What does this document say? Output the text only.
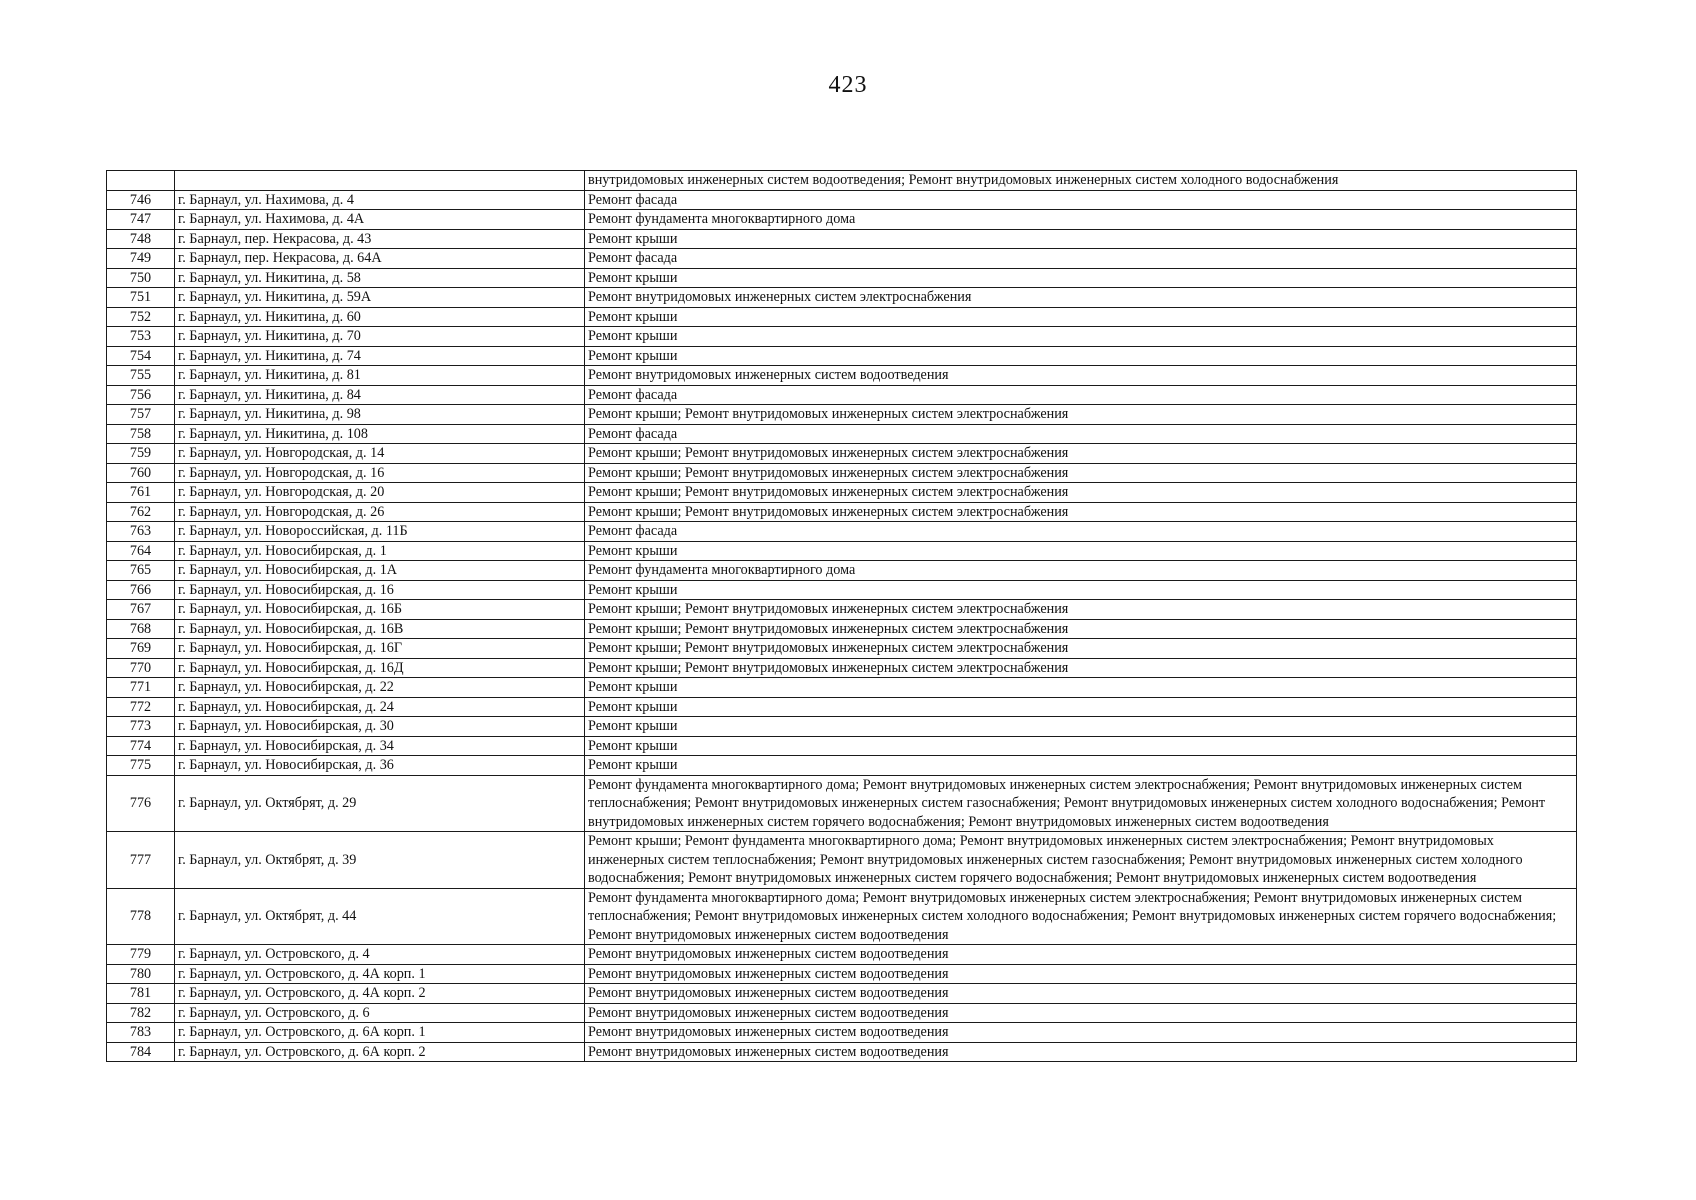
423
		внутридомовых инженерных систем водоотведения; Ремонт внутридомовых инженерных систем холодного водоснабжения
746	г. Барнаул, ул. Нахимова, д. 4	Ремонт фасада
747	г. Барнаул, ул. Нахимова, д. 4А	Ремонт фундамента многоквартирного дома
748	г. Барнаул, пер. Некрасова, д. 43	Ремонт крыши
749	г. Барнаул, пер. Некрасова, д. 64А	Ремонт фасада
750	г. Барнаул, ул. Никитина, д. 58	Ремонт крыши
751	г. Барнаул, ул. Никитина, д. 59А	Ремонт внутридомовых инженерных систем электроснабжения
752	г. Барнаул, ул. Никитина, д. 60	Ремонт крыши
753	г. Барнаул, ул. Никитина, д. 70	Ремонт крыши
754	г. Барнаул, ул. Никитина, д. 74	Ремонт крыши
755	г. Барнаул, ул. Никитина, д. 81	Ремонт внутридомовых инженерных систем водоотведения
756	г. Барнаул, ул. Никитина, д. 84	Ремонт фасада
757	г. Барнаул, ул. Никитина, д. 98	Ремонт крыши; Ремонт внутридомовых инженерных систем электроснабжения
758	г. Барнаул, ул. Никитина, д. 108	Ремонт фасада
759	г. Барнаул, ул. Новгородская, д. 14	Ремонт крыши; Ремонт внутридомовых инженерных систем электроснабжения
760	г. Барнаул, ул. Новгородская, д. 16	Ремонт крыши; Ремонт внутридомовых инженерных систем электроснабжения
761	г. Барнаул, ул. Новгородская, д. 20	Ремонт крыши; Ремонт внутридомовых инженерных систем электроснабжения
762	г. Барнаул, ул. Новгородская, д. 26	Ремонт крыши; Ремонт внутридомовых инженерных систем электроснабжения
763	г. Барнаул, ул. Новороссийская, д. 11Б	Ремонт фасада
764	г. Барнаул, ул. Новосибирская, д. 1	Ремонт крыши
765	г. Барнаул, ул. Новосибирская, д. 1А	Ремонт фундамента многоквартирного дома
766	г. Барнаул, ул. Новосибирская, д. 16	Ремонт крыши
767	г. Барнаул, ул. Новосибирская, д. 16Б	Ремонт крыши; Ремонт внутридомовых инженерных систем электроснабжения
768	г. Барнаул, ул. Новосибирская, д. 16В	Ремонт крыши; Ремонт внутридомовых инженерных систем электроснабжения
769	г. Барнаул, ул. Новосибирская, д. 16Г	Ремонт крыши; Ремонт внутридомовых инженерных систем электроснабжения
770	г. Барнаул, ул. Новосибирская, д. 16Д	Ремонт крыши; Ремонт внутридомовых инженерных систем электроснабжения
771	г. Барнаул, ул. Новосибирская, д. 22	Ремонт крыши
772	г. Барнаул, ул. Новосибирская, д. 24	Ремонт крыши
773	г. Барнаул, ул. Новосибирская, д. 30	Ремонт крыши
774	г. Барнаул, ул. Новосибирская, д. 34	Ремонт крыши
775	г. Барнаул, ул. Новосибирская, д. 36	Ремонт крыши
776	г. Барнаул, ул. Октябрят, д. 29	Ремонт фундамента многоквартирного дома; Ремонт внутридомовых инженерных систем электроснабжения; Ремонт внутридомовых инженерных систем теплоснабжения; Ремонт внутридомовых инженерных систем газоснабжения; Ремонт внутридомовых инженерных систем холодного водоснабжения; Ремонт внутридомовых инженерных систем горячего водоснабжения; Ремонт внутридомовых инженерных систем водоотведения
777	г. Барнаул, ул. Октябрят, д. 39	Ремонт крыши; Ремонт фундамента многоквартирного дома; Ремонт внутридомовых инженерных систем электроснабжения; Ремонт внутридомовых инженерных систем теплоснабжения; Ремонт внутридомовых инженерных систем газоснабжения; Ремонт внутридомовых инженерных систем холодного водоснабжения; Ремонт внутридомовых инженерных систем горячего водоснабжения; Ремонт внутридомовых инженерных систем водоотведения
778	г. Барнаул, ул. Октябрят, д. 44	Ремонт фундамента многоквартирного дома; Ремонт внутридомовых инженерных систем электроснабжения; Ремонт внутридомовых инженерных систем теплоснабжения; Ремонт внутридомовых инженерных систем холодного водоснабжения; Ремонт внутридомовых инженерных систем горячего водоснабжения; Ремонт внутридомовых инженерных систем водоотведения
779	г. Барнаул, ул. Островского, д. 4	Ремонт внутридомовых инженерных систем водоотведения
780	г. Барнаул, ул. Островского, д. 4А корп. 1	Ремонт внутридомовых инженерных систем водоотведения
781	г. Барнаул, ул. Островского, д. 4А корп. 2	Ремонт внутридомовых инженерных систем водоотведения
782	г. Барнаул, ул. Островского, д. 6	Ремонт внутридомовых инженерных систем водоотведения
783	г. Барнаул, ул. Островского, д. 6А корп. 1	Ремонт внутридомовых инженерных систем водоотведения
784	г. Барнаул, ул. Островского, д. 6А корп. 2	Ремонт внутридомовых инженерных систем водоотведения
